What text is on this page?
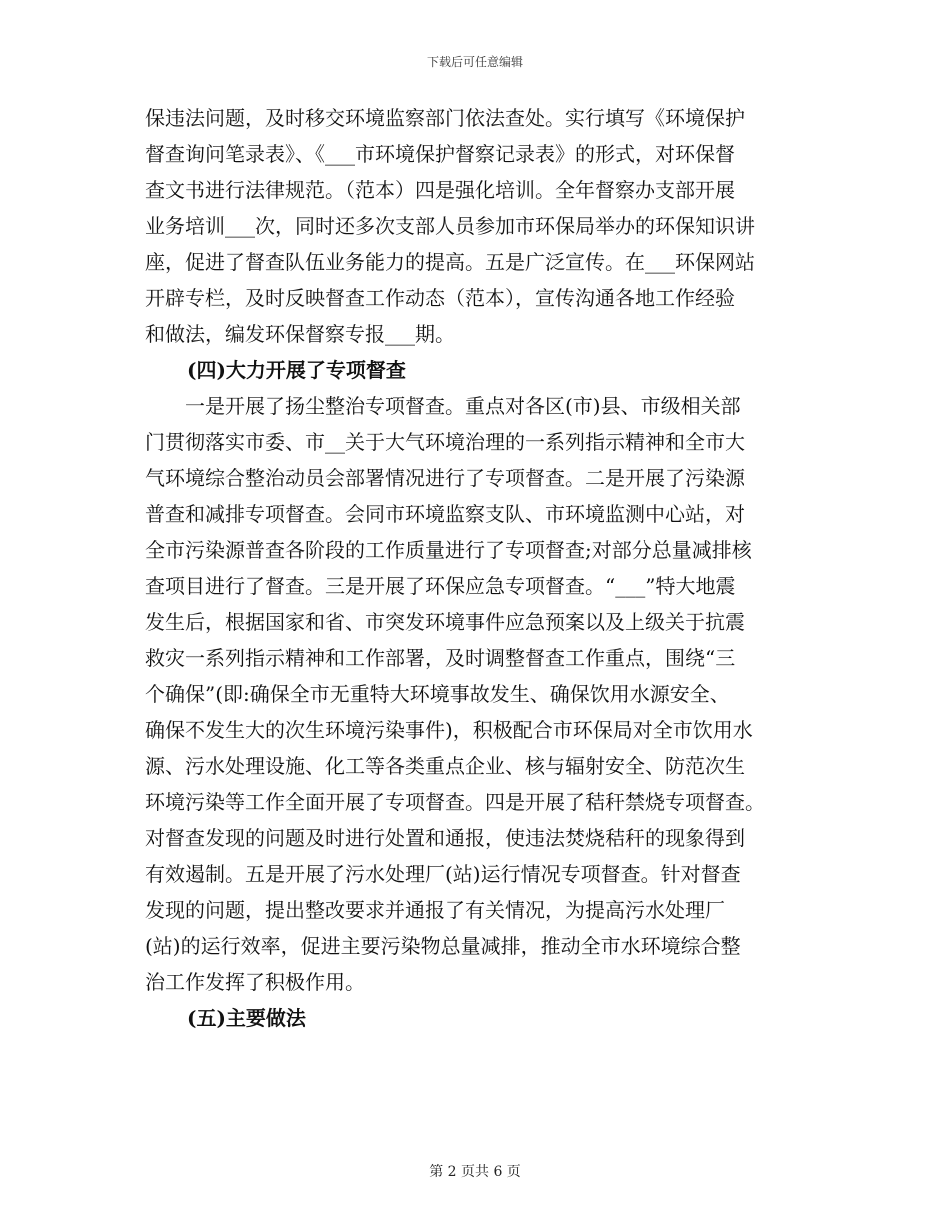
下载后可任意编辑
保违法问题，及时移交环境监察部门依法查处。实行填写《环境保护
督查询问笔录表》、《___市环境保护督察记录表》的形式，对环保督
查文书进行法律规范。（范本）四是强化培训。全年督察办支部开展
业务培训___次，同时还多次支部人员参加市环保局举办的环保知识讲
座，促进了督查队伍业务能力的提高。五是广泛宣传。在___环保网站
开辟专栏，及时反映督查工作动态（范本），宣传沟通各地工作经验
和做法，编发环保督察专报___期。
(四)大力开展了专项督查
　　一是开展了扬尘整治专项督查。重点对各区(市)县、市级相关部
门贯彻落实市委、市__关于大气环境治理的一系列指示精神和全市大
气环境综合整治动员会部署情况进行了专项督查。二是开展了污染源
普查和减排专项督查。会同市环境监察支队、市环境监测中心站，对
全市污染源普查各阶段的工作质量进行了专项督查;对部分总量减排核
查项目进行了督查。三是开展了环保应急专项督查。“___”特大地震
发生后，根据国家和省、市突发环境事件应急预案以及上级关于抗震
救灾一系列指示精神和工作部署，及时调整督查工作重点，围绕“三
个确保”(即:确保全市无重特大环境事故发生、确保饮用水源安全、
确保不发生大的次生环境污染事件)，积极配合市环保局对全市饮用水
源、污水处理设施、化工等各类重点企业、核与辐射安全、防范次生
环境污染等工作全面开展了专项督查。四是开展了秸秆禁烧专项督查。
对督查发现的问题及时进行处置和通报，使违法焚烧秸秆的现象得到
有效遏制。五是开展了污水处理厂(站)运行情况专项督查。针对督查
发现的问题，提出整改要求并通报了有关情况，为提高污水处理厂
(站)的运行效率，促进主要污染物总量减排，推动全市水环境综合整
治工作发挥了积极作用。
(五)主要做法
第 2 页共 6 页
